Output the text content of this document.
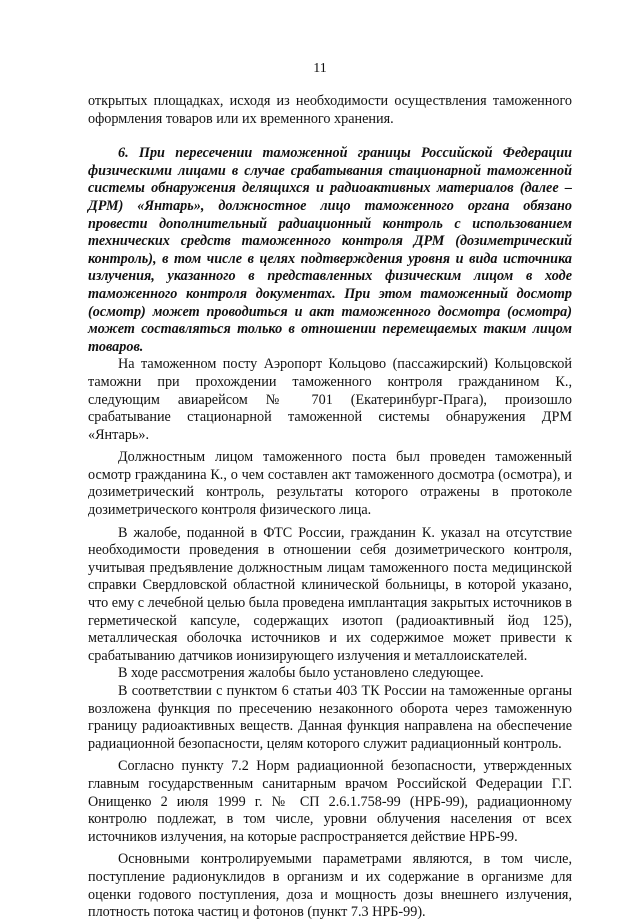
11

открытых площадках, исходя из необходимости осуществления таможенного оформления товаров или их временного хранения.

6. При пересечении таможенной границы Российской Федерации физическими лицами в случае срабатывания стационарной таможенной системы обнаружения делящихся и радиоактивных материалов (далее – ДРМ) «Янтарь», должностное лицо таможенного органа обязано провести дополнительный радиационный контроль с использованием технических средств таможенного контроля ДРМ (дозиметрический контроль), в том числе в целях подтверждения уровня и вида источника излучения, указанного в представленных физическим лицом в ходе таможенного контроля документах. При этом таможенный досмотр (осмотр) может проводиться и акт таможенного досмотра (осмотра) может составляться только в отношении перемещаемых таким лицом товаров.

На таможенном посту Аэропорт Кольцово (пассажирский) Кольцовской таможни при прохождении таможенного контроля гражданином К., следующим авиарейсом № 701 (Екатеринбург-Прага), произошло срабатывание стационарной таможенной системы обнаружения ДРМ «Янтарь».

Должностным лицом таможенного поста был проведен таможенный осмотр гражданина К., о чем составлен акт таможенного досмотра (осмотра), и дозиметрический контроль, результаты которого отражены в протоколе дозиметрического контроля физического лица.

В жалобе, поданной в ФТС России, гражданин К. указал на отсутствие необходимости проведения в отношении себя дозиметрического контроля, учитывая предъявление должностным лицам таможенного поста медицинской справки Свердловской областной клинической больницы, в которой указано, что ему с лечебной целью была проведена имплантация закрытых источников в герметической капсуле, содержащих изотоп (радиоактивный йод 125), металлическая оболочка источников и их содержимое может привести к срабатыванию датчиков ионизирующего излучения и металлоискателей.

В ходе рассмотрения жалобы было установлено следующее.

В соответствии с пунктом 6 статьи 403 ТК России на таможенные органы возложена функция по пресечению незаконного оборота через таможенную границу радиоактивных веществ. Данная функция направлена на обеспечение радиационной безопасности, целям которого служит радиационный контроль.

Согласно пункту 7.2 Норм радиационной безопасности, утвержденных главным государственным санитарным врачом Российской Федерации Г.Г. Онищенко 2 июля 1999 г. № СП 2.6.1.758-99 (НРБ-99), радиационному контролю подлежат, в том числе, уровни облучения населения от всех источников излучения, на которые распространяется действие НРБ-99.

Основными контролируемыми параметрами являются, в том числе, поступление радионуклидов в организм и их содержание в организме для оценки годового поступления, доза и мощность дозы внешнего излучения, плотность потока частиц и фотонов (пункт 7.3 НРБ-99).
